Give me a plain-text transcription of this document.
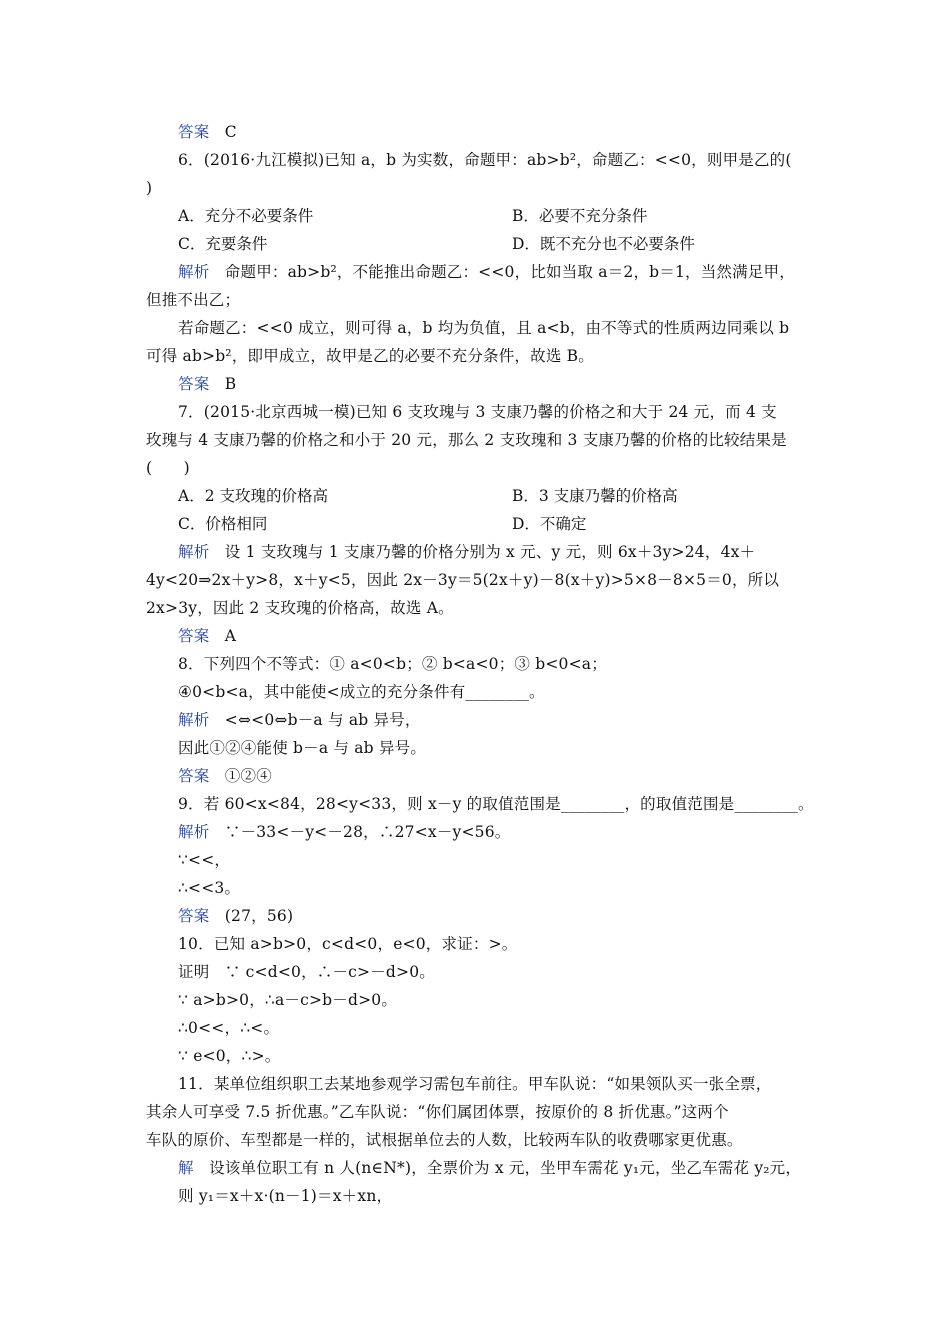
答案 C
6．(2016·九江模拟)已知 a，b 为实数，命题甲：ab>b²，命题乙：<<0，则甲是乙的(
)
A．充分不必要条件	B．必要不充分条件
C．充要条件	D．既不充分也不必要条件
解析 命题甲：ab>b²，不能推出命题乙：<<0，比如当取 a＝2，b＝1，当然满足甲，
但推不出乙；
若命题乙：<<0 成立，则可得 a，b 均为负值，且 a<b，由不等式的性质两边同乘以 b
可得 ab>b²，即甲成立，故甲是乙的必要不充分条件，故选 B。
答案 B
7．(2015·北京西城一模)已知 6 支玫瑰与 3 支康乃馨的价格之和大于 24 元，而 4 支
玫瑰与 4 支康乃馨的价格之和小于 20 元，那么 2 支玫瑰和 3 支康乃馨的价格的比较结果是
(　　)
A．2 支玫瑰的价格高	B．3 支康乃馨的价格高
C．价格相同	D．不确定
解析 设 1 支玫瑰与 1 支康乃馨的价格分别为 x 元、y 元，则 6x＋3y>24，4x＋
4y<20⇒2x＋y>8，x＋y<5，因此 2x－3y＝5(2x＋y)－8(x＋y)>5×8－8×5＝0，所以
2x>3y，因此 2 支玫瑰的价格高，故选 A。
答案 A
8．下列四个不等式：① a<0<b；② b<a<0；③ b<0<a；
④0<b<a，其中能使<成立的充分条件有________。
解析 <⇔<0⇔b－a 与 ab 异号，
因此①②④能使 b－a 与 ab 异号。
答案 ①②④
9．若 60<x<84，28<y<33，则 x－y 的取值范围是________，的取值范围是________。
解析 ∵－33<－y<－28，∴27<x－y<56。
∵<<，
∴<<3。
答案 (27，56)
10．已知 a>b>0，c<d<0，e<0，求证：>。
证明 ∵ c<d<0，∴－c>－d>0。
∵ a>b>0，∴a－c>b－d>0。
∴0<<，∴<。
∵ e<0，∴>。
11．某单位组织职工去某地参观学习需包车前往。甲车队说：“如果领队买一张全票，
其余人可享受 7.5 折优惠。”乙车队说：“你们属团体票，按原价的 8 折优惠。”这两个
车队的原价、车型都是一样的，试根据单位去的人数，比较两车队的收费哪家更优惠。
解 设该单位职工有 n 人(n∈N*)，全票价为 x 元，坐甲车需花 y₁元，坐乙车需花 y₂元，
则 y₁＝x＋x·(n－1)＝x＋xn，
